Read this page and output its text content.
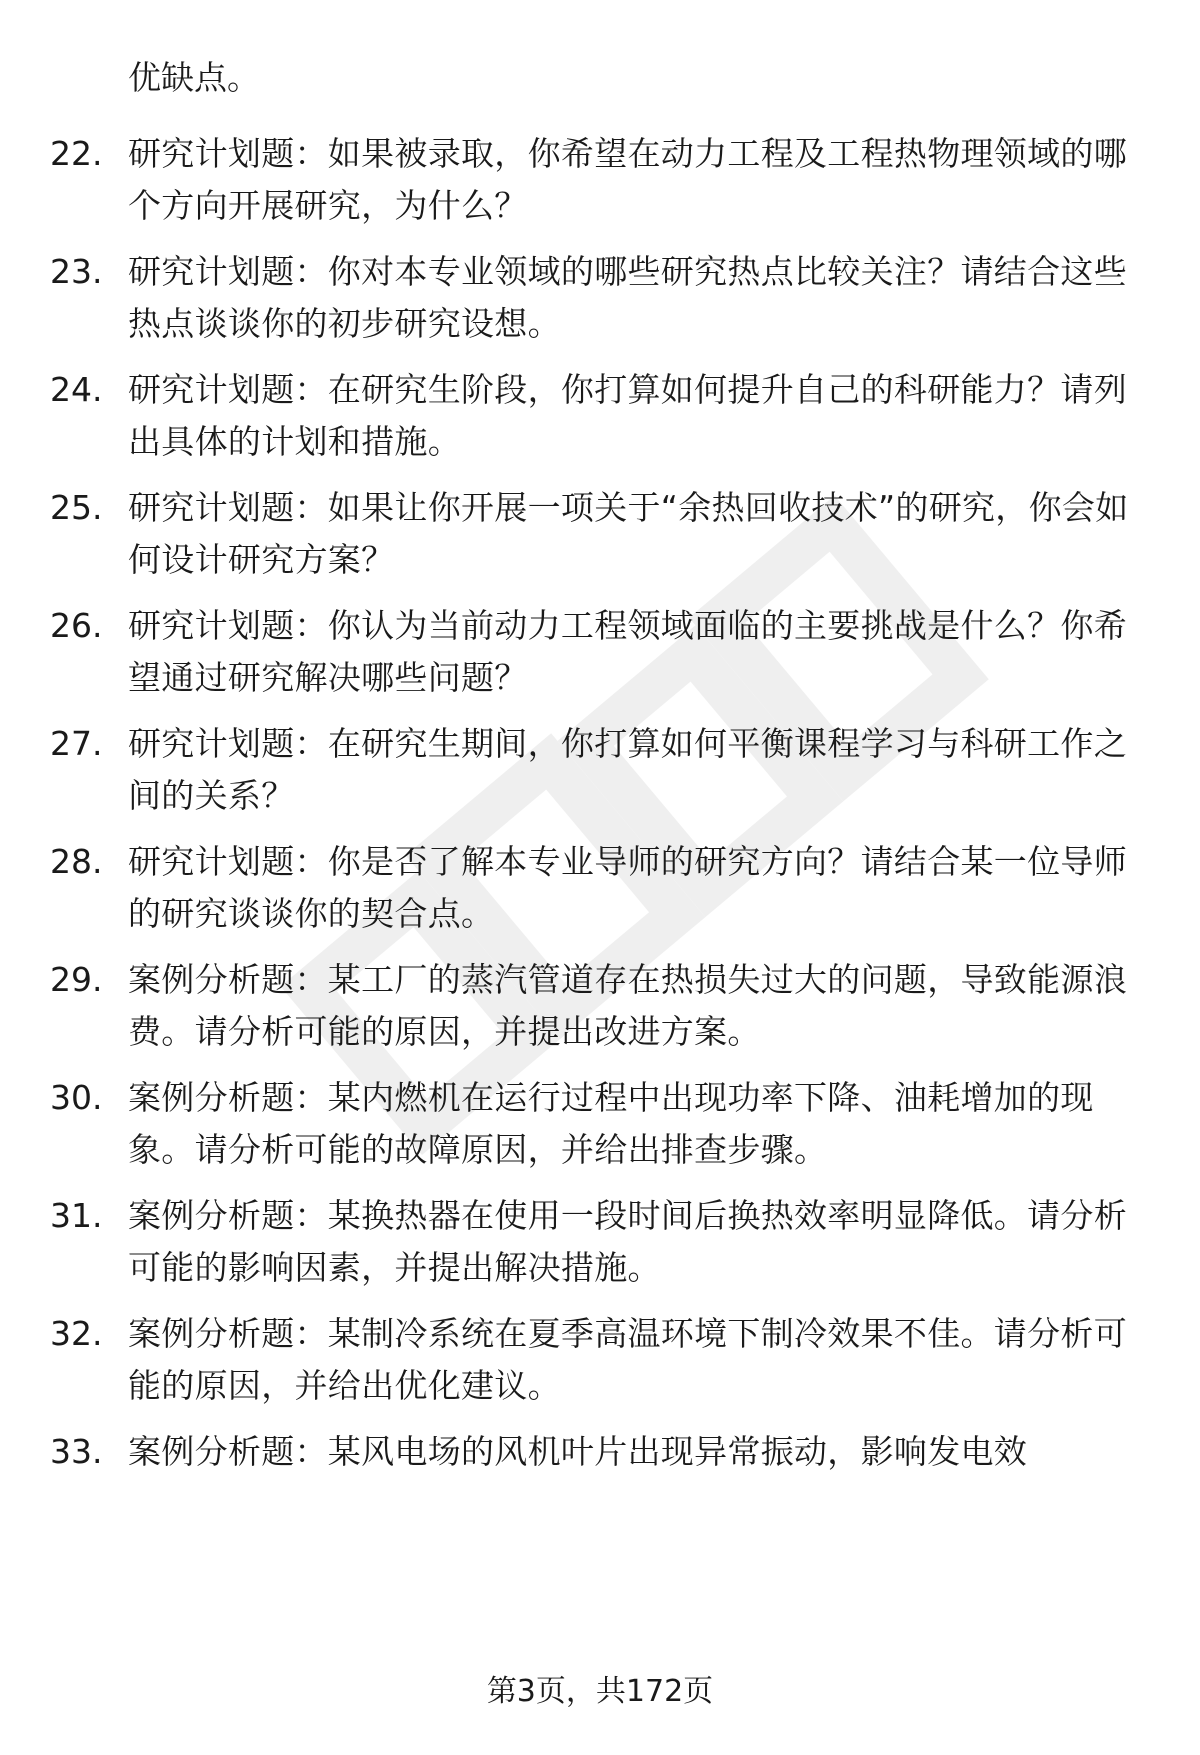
优缺点。

22. 研究计划题：如果被录取，你希望在动力工程及工程热物理领域的哪个方向开展研究，为什么？
23. 研究计划题：你对本专业领域的哪些研究热点比较关注？请结合这些热点谈谈你的初步研究设想。
24. 研究计划题：在研究生阶段，你打算如何提升自己的科研能力？请列出具体的计划和措施。
25. 研究计划题：如果让你开展一项关于“余热回收技术”的研究，你会如何设计研究方案？
26. 研究计划题：你认为当前动力工程领域面临的主要挑战是什么？你希望通过研究解决哪些问题？
27. 研究计划题：在研究生期间，你打算如何平衡课程学习与科研工作之间的关系？
28. 研究计划题：你是否了解本专业导师的研究方向？请结合某一位导师的研究谈谈你的契合点。
29. 案例分析题：某工厂的蒸汽管道存在热损失过大的问题，导致能源浪费。请分析可能的原因，并提出改进方案。
30. 案例分析题：某内燃机在运行过程中出现功率下降、油耗增加的现象。请分析可能的故障原因，并给出排查步骤。
31. 案例分析题：某换热器在使用一段时间后换热效率明显降低。请分析可能的影响因素，并提出解决措施。
32. 案例分析题：某制冷系统在夏季高温环境下制冷效果不佳。请分析可能的原因，并给出优化建议。
33. 案例分析题：某风电场的风机叶片出现异常振动，影响发电效
第3页，共172页
